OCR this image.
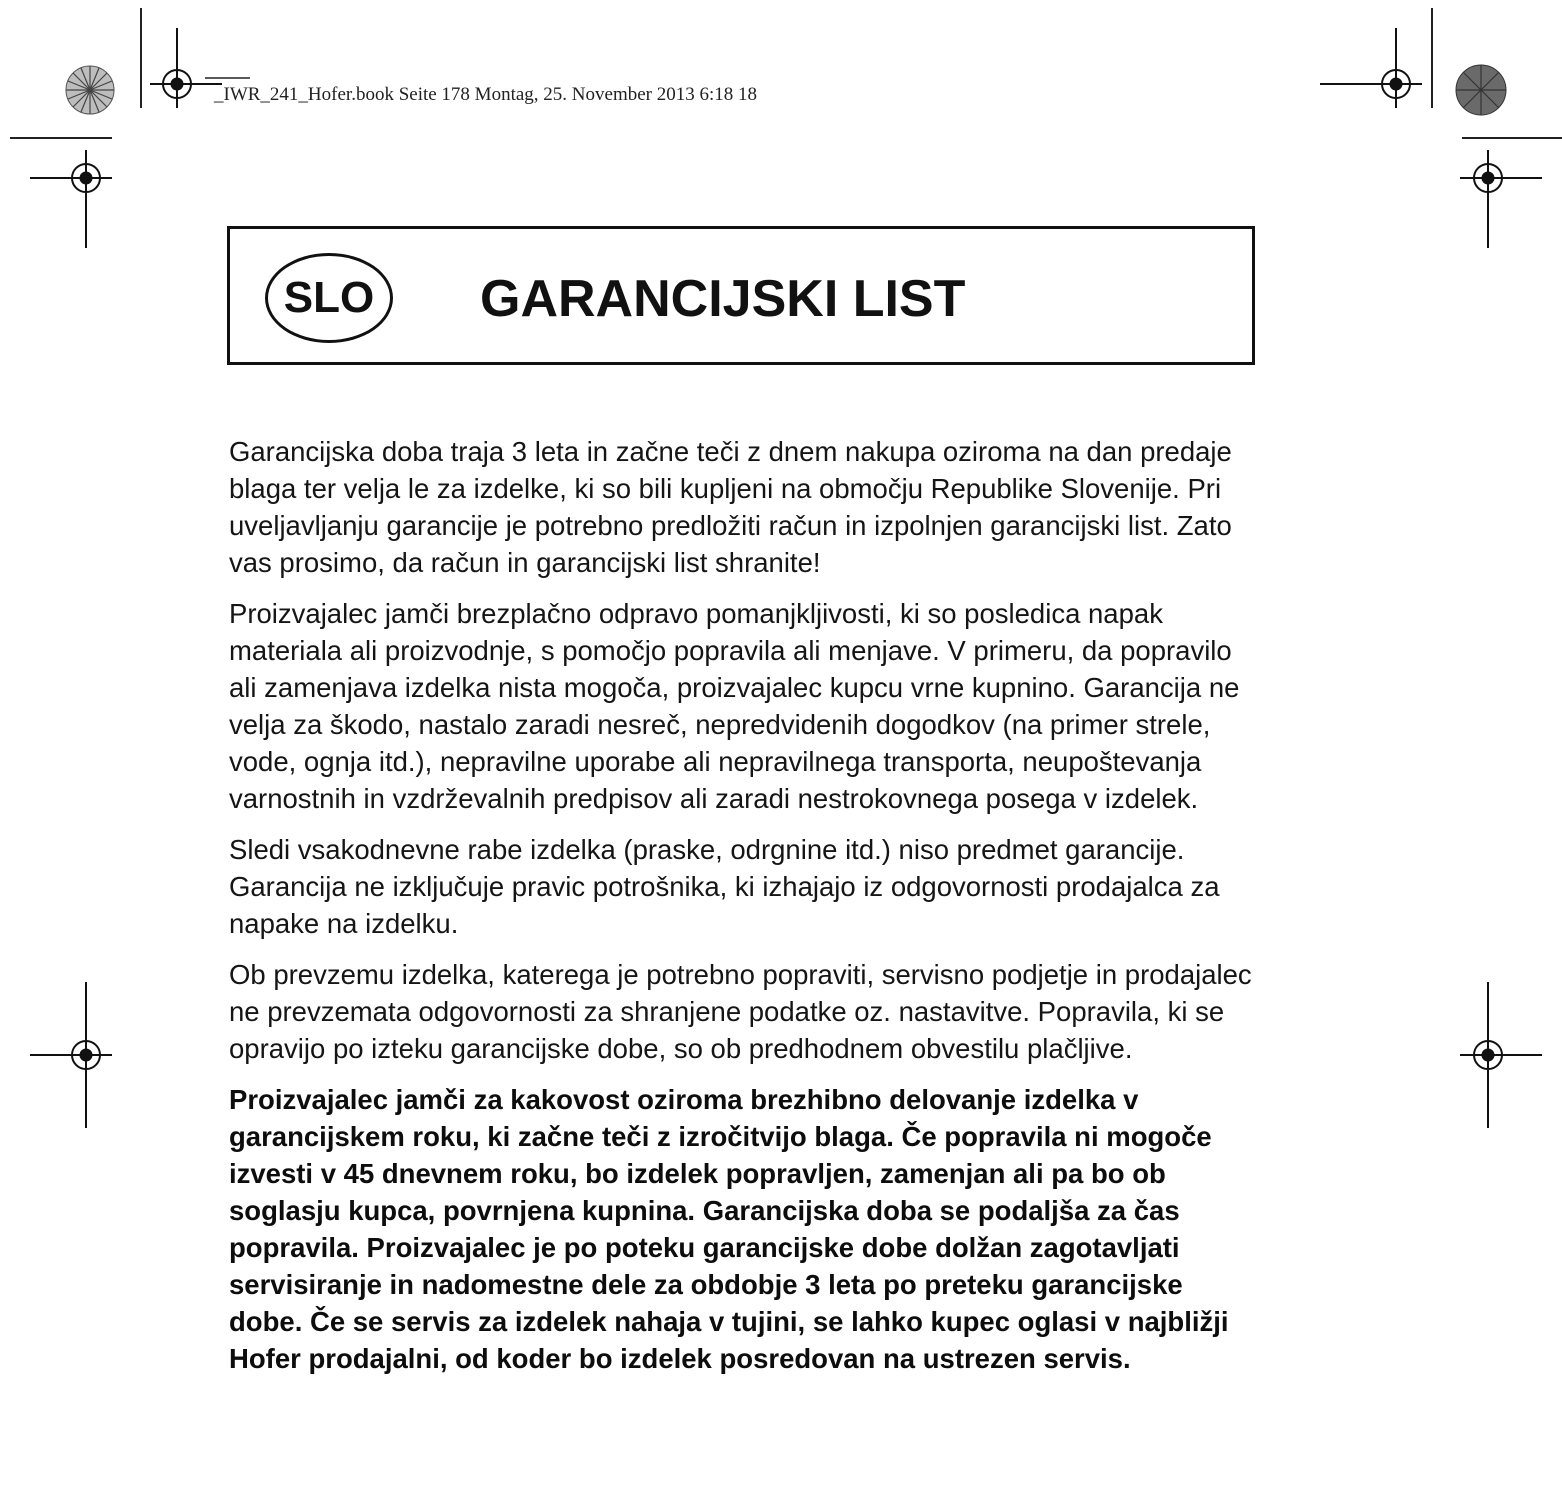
_IWR_241_Hofer.book Seite 178 Montag, 25. November 2013 6:18 18
SLO GARANCIJSKI LIST

Garancijska doba traja 3 leta in začne teči z dnem nakupa oziroma na dan predaje blaga ter velja le za izdelke, ki so bili kupljeni na območju Republike Slovenije. Pri uveljavljanju garancije je potrebno predložiti račun in izpolnjen garancijski list. Zato vas prosimo, da račun in garancijski list shranite!

Proizvajalec jamči brezplačno odpravo pomanjkljivosti, ki so posledica napak materiala ali proizvodnje, s pomočjo popravila ali menjave. V primeru, da popravilo ali zamenjava izdelka nista mogoča, proizvajalec kupcu vrne kupnino. Garancija ne velja za škodo, nastalo zaradi nesreč, nepredvidenih dogodkov (na primer strele, vode, ognja itd.), nepravilne uporabe ali nepravilnega transporta, neupoštevanja varnostnih in vzdrževalnih predpisov ali zaradi nestrokovnega posega v izdelek.

Sledi vsakodnevne rabe izdelka (praske, odrgnine itd.) niso predmet garancije. Garancija ne izključuje pravic potrošnika, ki izhajajo iz odgovornosti prodajalca za napake na izdelku.

Ob prevzemu izdelka, katerega je potrebno popraviti, servisno podjetje in prodajalec ne prevzemata odgovornosti za shranjene podatke oz. nastavitve. Popravila, ki se opravijo po izteku garancijske dobe, so ob predhodnem obvestilu plačljive.

Proizvajalec jamči za kakovost oziroma brezhibno delovanje izdelka v garancijskem roku, ki začne teči z izročitvijo blaga. Če popravila ni mogoče izvesti v 45 dnevnem roku, bo izdelek popravljen, zamenjan ali pa bo ob soglasju kupca, povrnjena kupnina. Garancijska doba se podaljša za čas popravila. Proizvajalec je po poteku garancijske dobe dolžan zagotavljati servisiranje in nadomestne dele za obdobje 3 leta po preteku garancijske dobe. Če se servis za izdelek nahaja v tujini, se lahko kupec oglasi v najbližji Hofer prodajalni, od koder bo izdelek posredovan na ustrezen servis.
